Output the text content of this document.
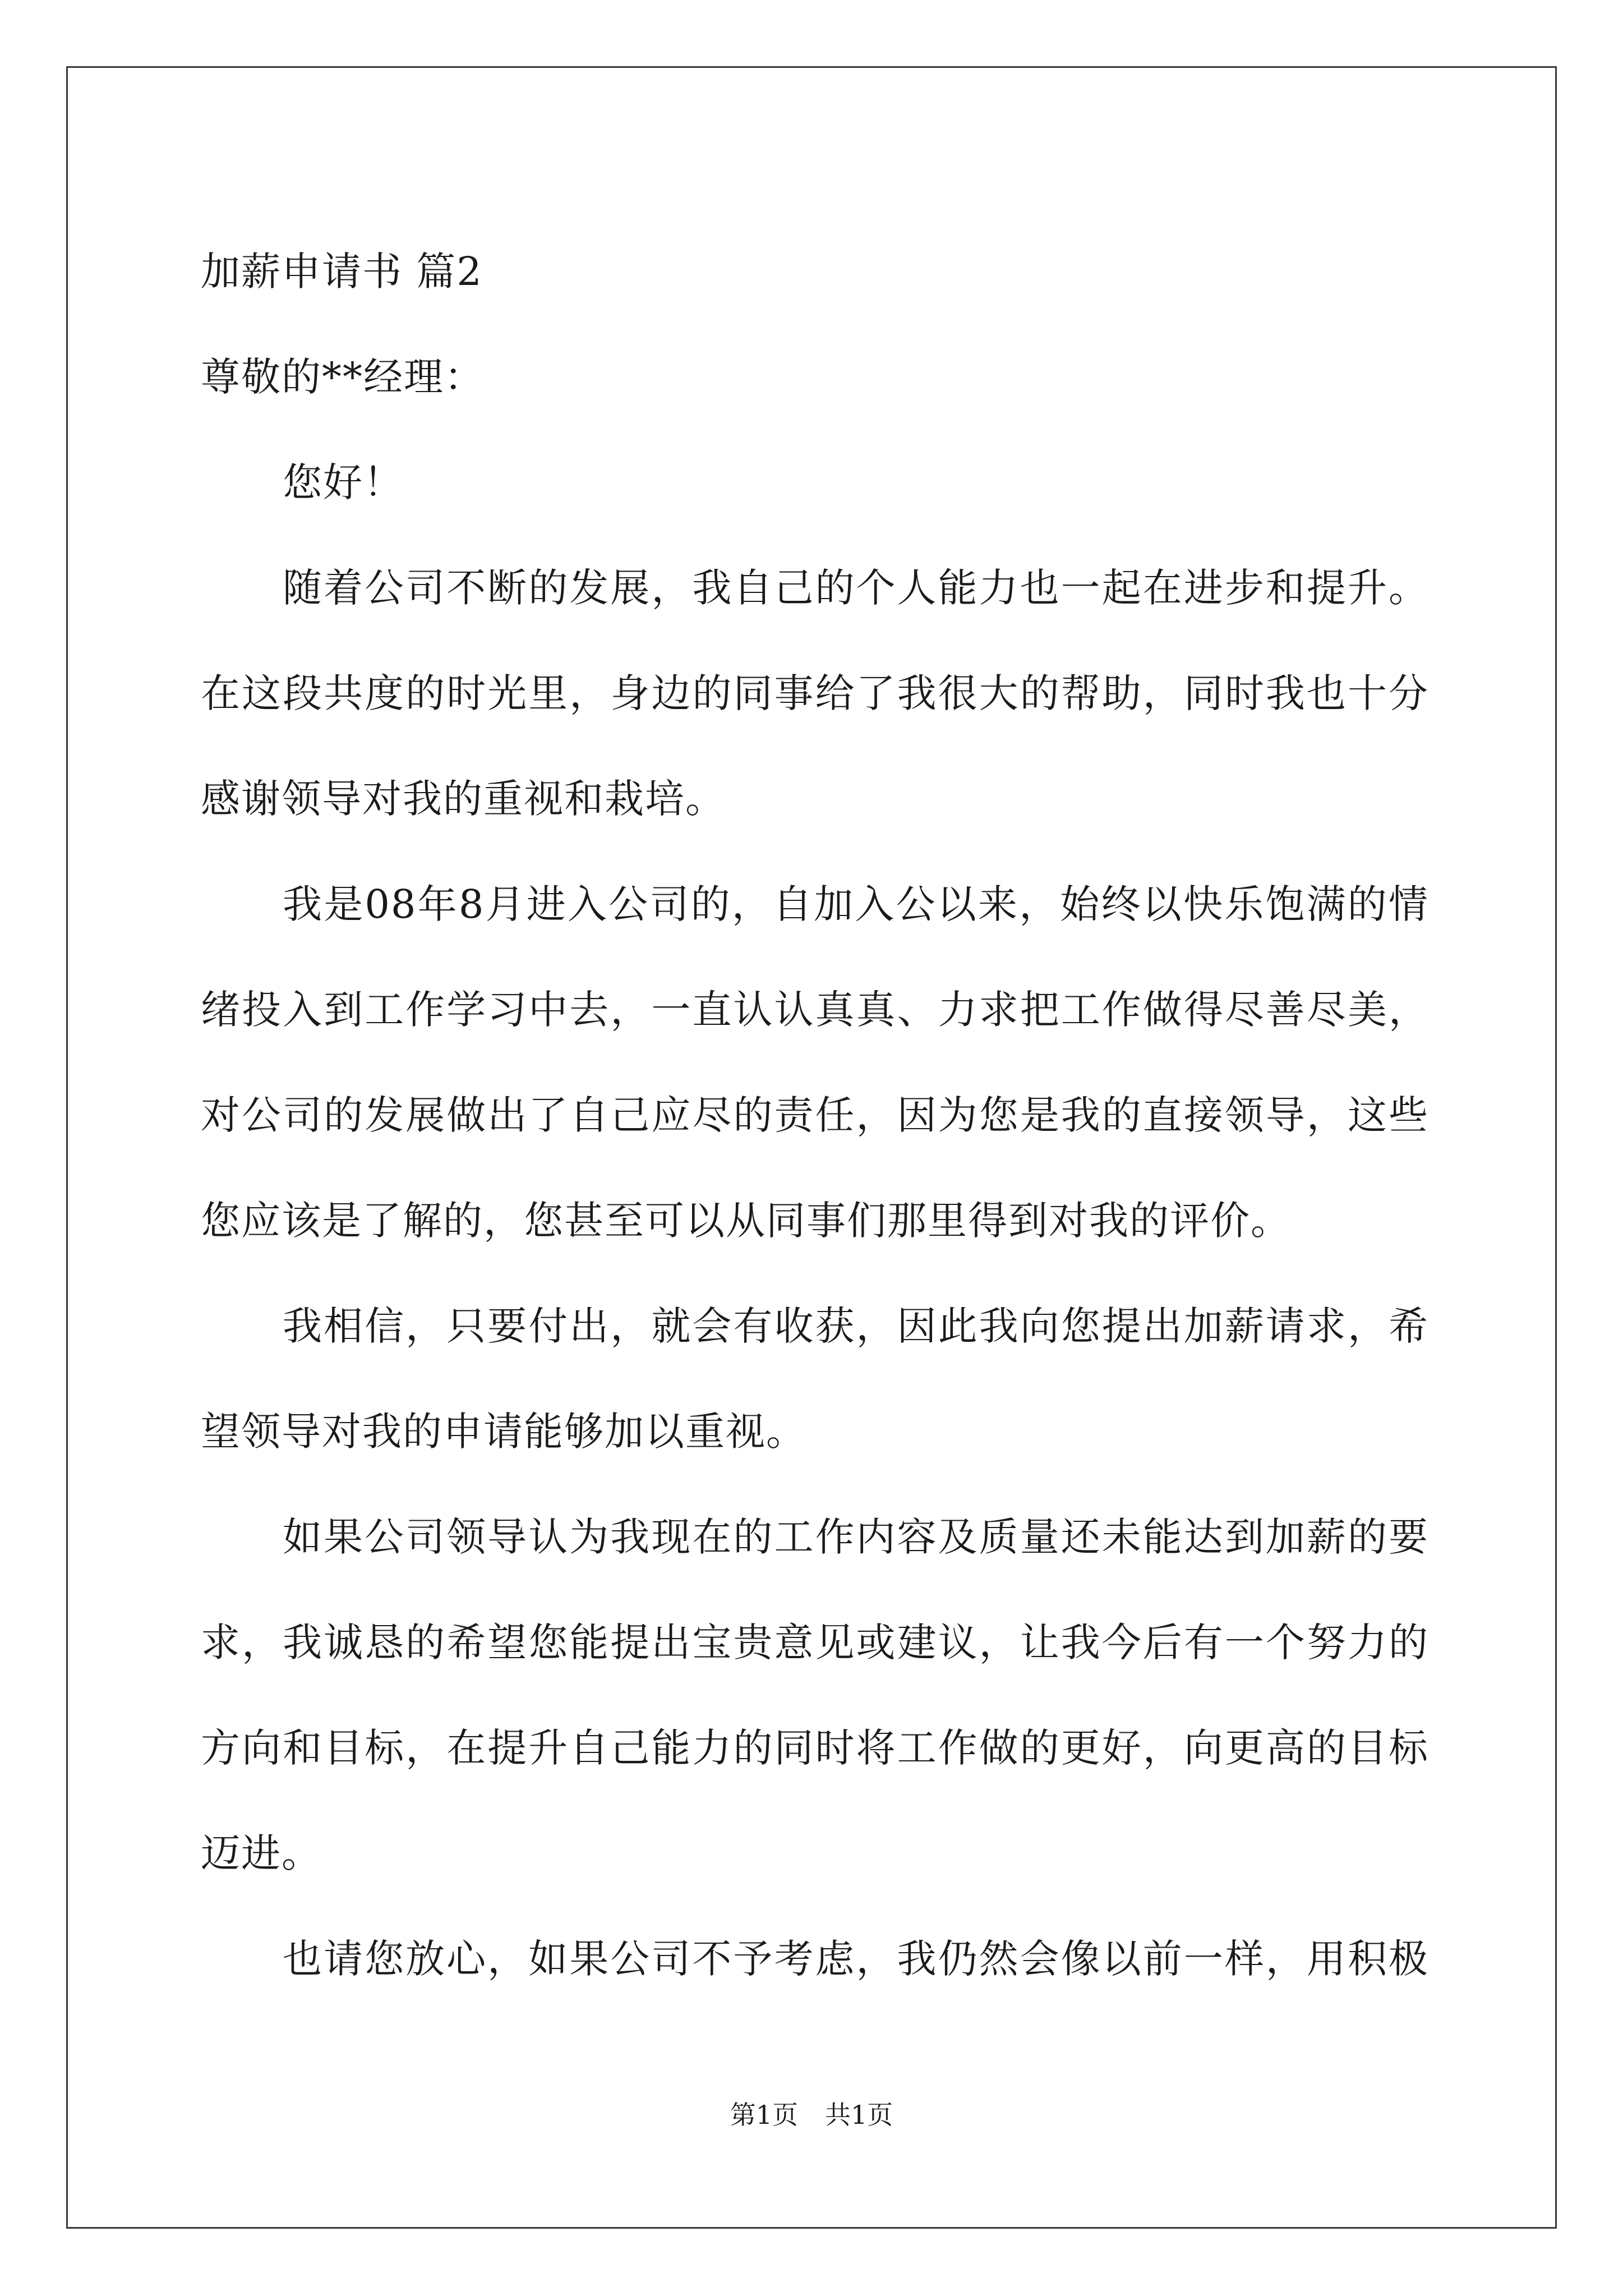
加薪申请书 篇2

尊敬的**经理：

您好！

随着公司不断的发展，我自己的个人能力也一起在进步和提升。

在这段共度的时光里，身边的同事给了我很大的帮助，同时我也十分

感谢领导对我的重视和栽培。

我是08年8月进入公司的，自加入公以来，始终以快乐饱满的情

绪投入到工作学习中去，一直认认真真、力求把工作做得尽善尽美，

对公司的发展做出了自己应尽的责任，因为您是我的直接领导，这些

您应该是了解的，您甚至可以从同事们那里得到对我的评价。

我相信，只要付出，就会有收获，因此我向您提出加薪请求，希

望领导对我的申请能够加以重视。

如果公司领导认为我现在的工作内容及质量还未能达到加薪的要

求，我诚恳的希望您能提出宝贵意见或建议，让我今后有一个努力的

方向和目标，在提升自己能力的同时将工作做的更好，向更高的目标

迈进。

也请您放心，如果公司不予考虑，我仍然会像以前一样，用积极

第1页 共1页
